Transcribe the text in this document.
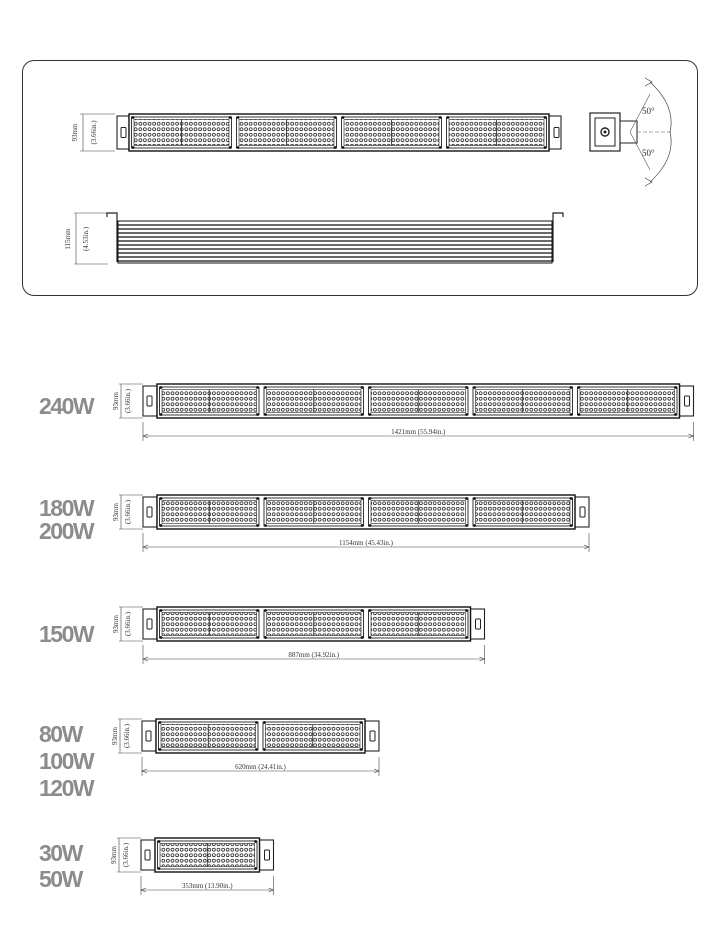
93mm (3.66in.)
50°
50°
115mm (4.53in.)
240W	93mm (3.66in.)
1421mm (55.94in.)
180W
200W
93mm (3.66in.)
1154mm (45.43in.)
150W	93mm (3.66in.)
887mm (34.92in.)
80W
100W
120W
93mm (3.66in.)
620mm (24.41in.)
30W
50W
93mm (3.66in.)
353mm (13.90in.)
